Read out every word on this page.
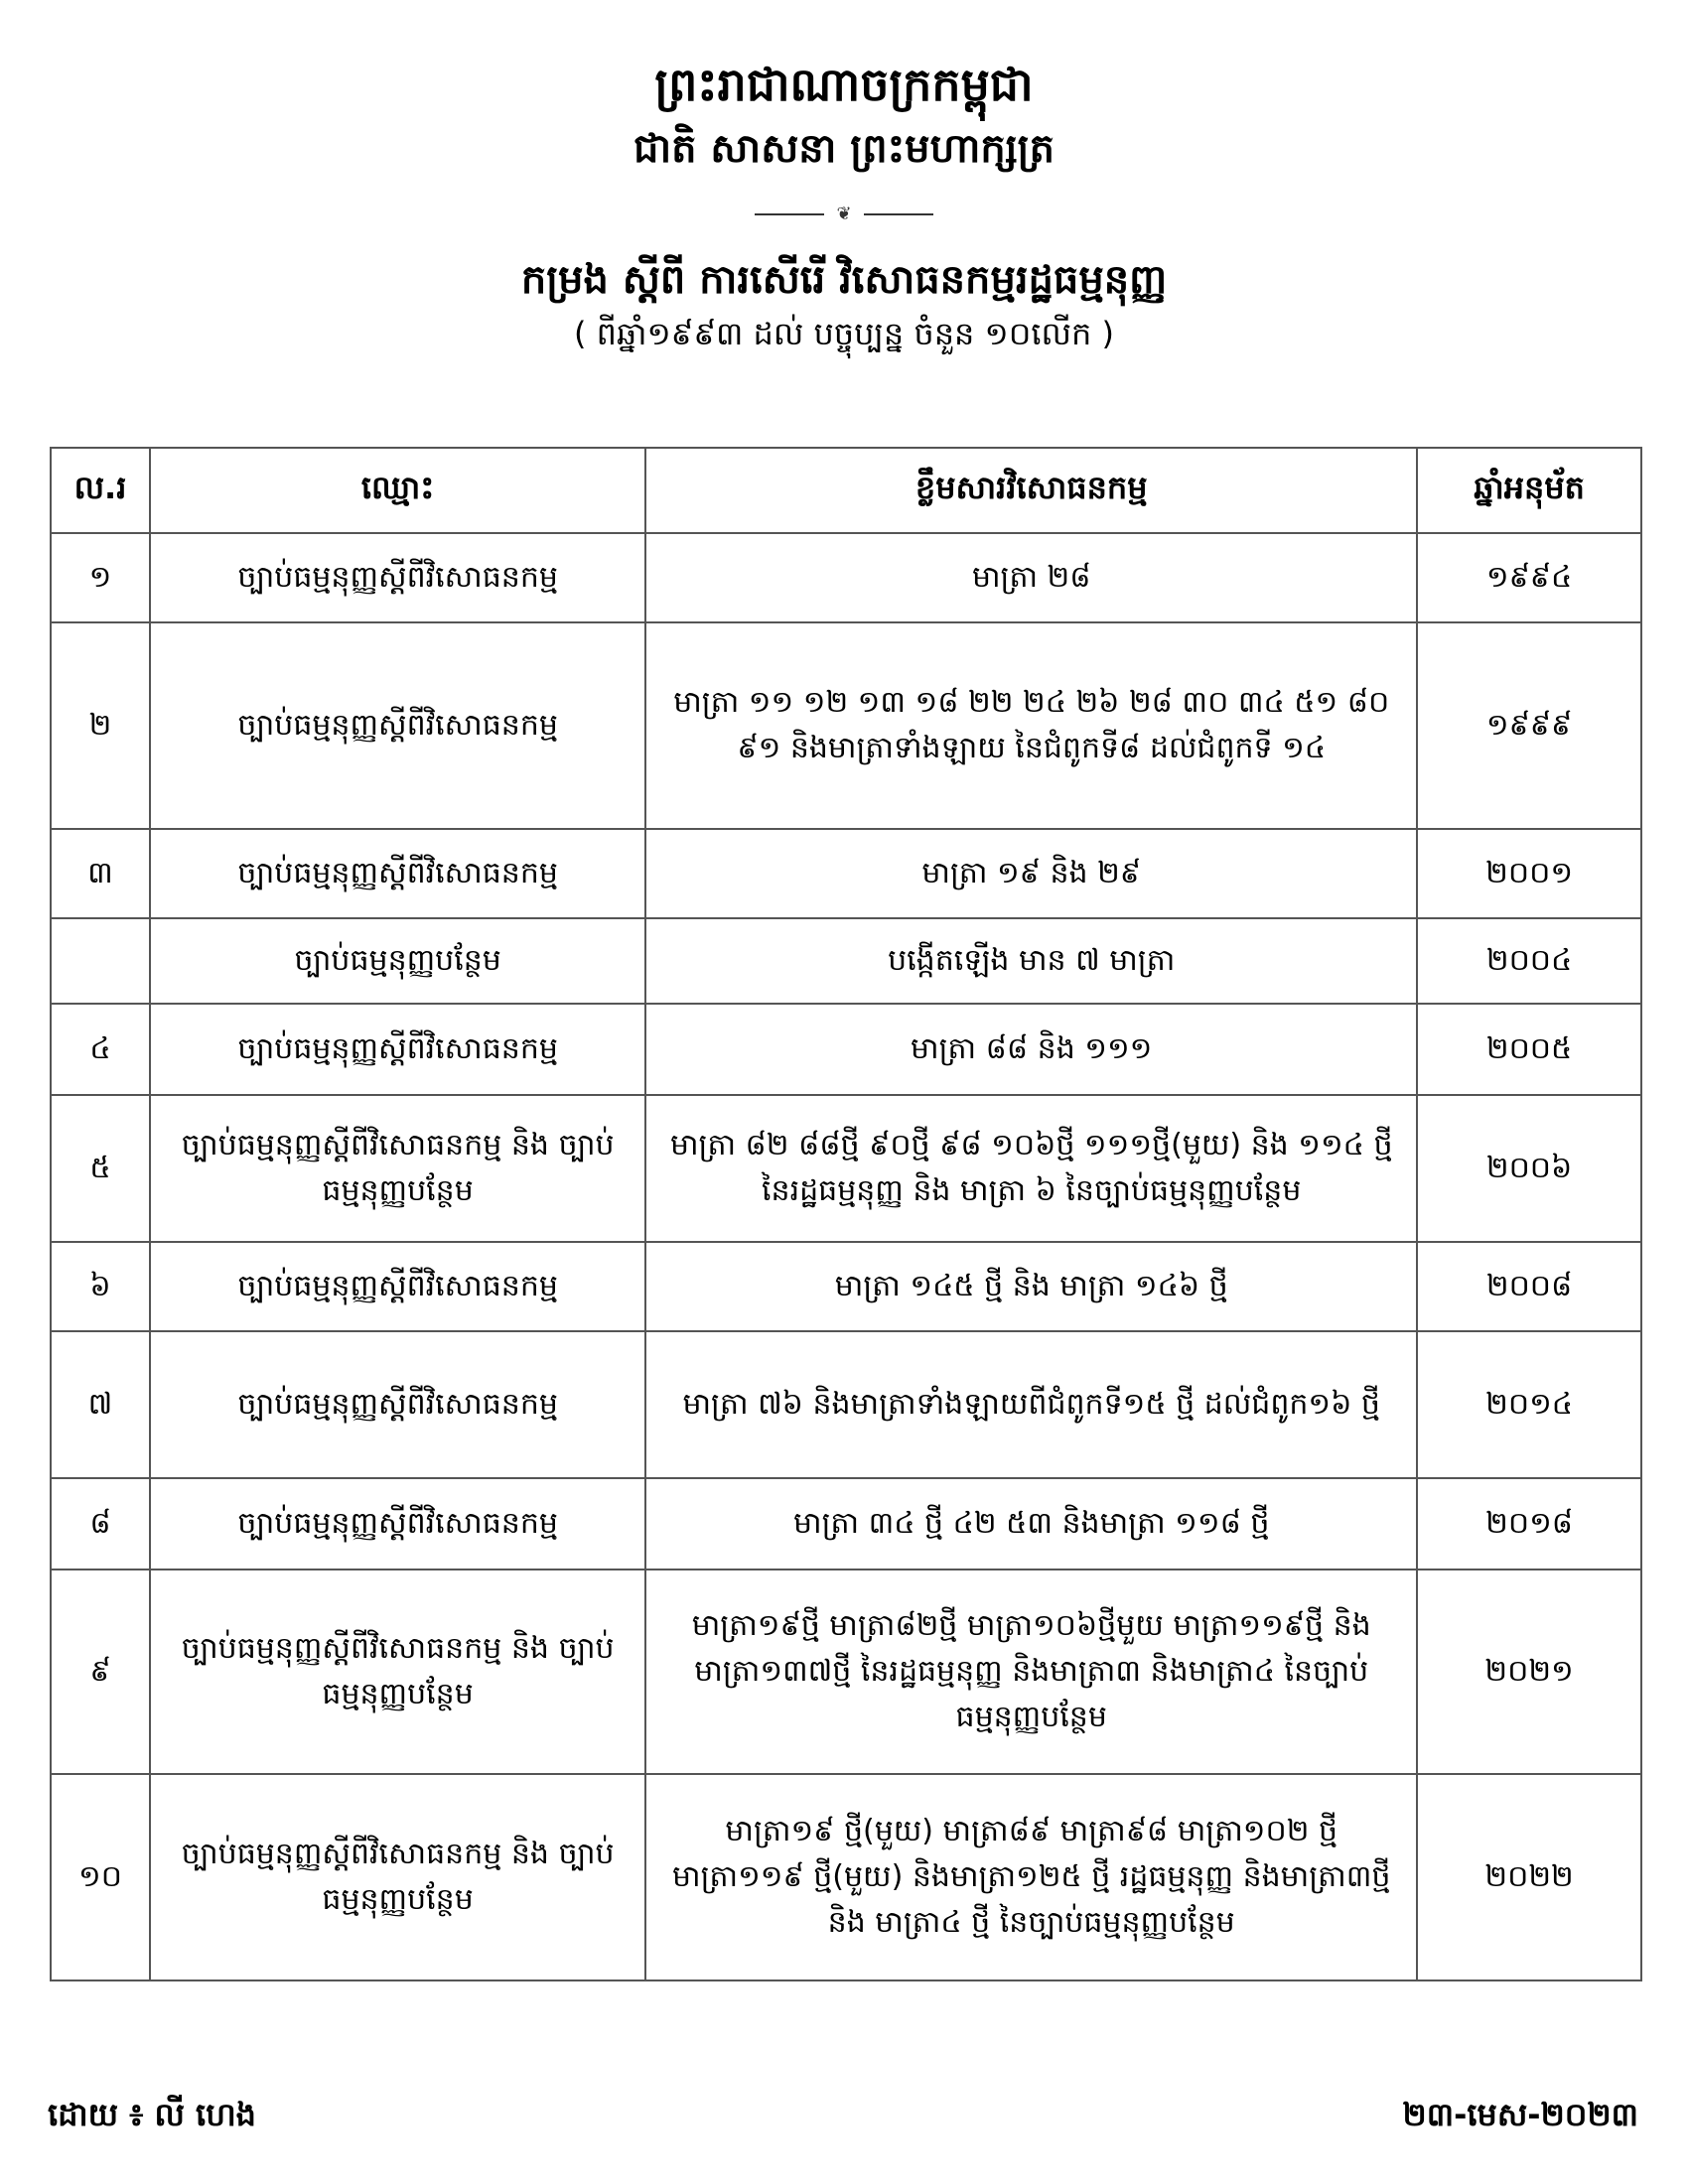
ព្រះរាជាណាចក្រកម្ពុជា
ជាតិ សាសនា ព្រះមហាក្សត្រ
❦
កម្រង ស្តីពី ការសើរើ វិសោធនកម្មរដ្ឋធម្មនុញ្ញ
( ពីឆ្នាំ១៩៩៣ ដល់ បច្ចុប្បន្ន ចំនួន ១០លើក )
ល.រ	ឈ្មោះ	ខ្លឹមសារវិសោធនកម្ម	ឆ្នាំអនុម័ត
១	ច្បាប់ធម្មនុញ្ញស្តីពីវិសោធនកម្ម	មាត្រា ២៨	១៩៩៤
២	ច្បាប់ធម្មនុញ្ញស្តីពីវិសោធនកម្ម	មាត្រា ១១ ១២ ១៣ ១៨ ២២ ២៤ ២៦ ២៨ ៣០ ៣៤ ៥១ ៨០ ៩១ និងមាត្រាទាំងឡាយ នៃជំពូកទី៨ ដល់ជំពូកទី ១៤	១៩៩៩
៣	ច្បាប់ធម្មនុញ្ញស្តីពីវិសោធនកម្ម	មាត្រា ១៩ និង ២៩	២០០១
	ច្បាប់ធម្មនុញ្ញបន្ថែម	បង្កើតឡើង មាន ៧ មាត្រា	២០០៤
៤	ច្បាប់ធម្មនុញ្ញស្តីពីវិសោធនកម្ម	មាត្រា ៨៨ និង ១១១	២០០៥
៥	ច្បាប់ធម្មនុញ្ញស្តីពីវិសោធនកម្ម និង ច្បាប់ធម្មនុញ្ញបន្ថែម	មាត្រា ៨២ ៨៨ថ្មី ៩០ថ្មី ៩៨ ១០៦ថ្មី ១១១ថ្មី(មួយ) និង ១១៤ ថ្មីនៃរដ្ឋធម្មនុញ្ញ និង មាត្រា ៦ នៃច្បាប់ធម្មនុញ្ញបន្ថែម	២០០៦
៦	ច្បាប់ធម្មនុញ្ញស្តីពីវិសោធនកម្ម	មាត្រា ១៤៥ ថ្មី និង មាត្រា ១៤៦ ថ្មី	២០០៨
៧	ច្បាប់ធម្មនុញ្ញស្តីពីវិសោធនកម្ម	មាត្រា ៧៦ និងមាត្រាទាំងឡាយពីជំពូកទី១៥ ថ្មី ដល់ជំពូក១៦ ថ្មី	២០១៤
៨	ច្បាប់ធម្មនុញ្ញស្តីពីវិសោធនកម្ម	មាត្រា ៣៤ ថ្មី ៤២ ៥៣ និងមាត្រា ១១៨ ថ្មី	២០១៨
៩	ច្បាប់ធម្មនុញ្ញស្តីពីវិសោធនកម្ម និង ច្បាប់ធម្មនុញ្ញបន្ថែម	មាត្រា១៩ថ្មី មាត្រា៨២ថ្មី មាត្រា១០៦ថ្មីមួយ មាត្រា១១៩ថ្មី និងមាត្រា១៣៧ថ្មី នៃរដ្ឋធម្មនុញ្ញ និងមាត្រា៣ និងមាត្រា៤ នៃច្បាប់ធម្មនុញ្ញបន្ថែម	២០២១
១០	ច្បាប់ធម្មនុញ្ញស្តីពីវិសោធនកម្ម និង ច្បាប់ធម្មនុញ្ញបន្ថែម	មាត្រា១៩ ថ្មី(មួយ) មាត្រា៨៩ មាត្រា៩៨ មាត្រា១០២ ថ្មី មាត្រា១១៩ ថ្មី(មួយ) និងមាត្រា១២៥ ថ្មី រដ្ឋធម្មនុញ្ញ និងមាត្រា៣ថ្មី និង មាត្រា៤ ថ្មី នៃច្បាប់ធម្មនុញ្ញបន្ថែម	២០២២
ដោយ ៖ លី ហេង	២៣-មេស-២០២៣
